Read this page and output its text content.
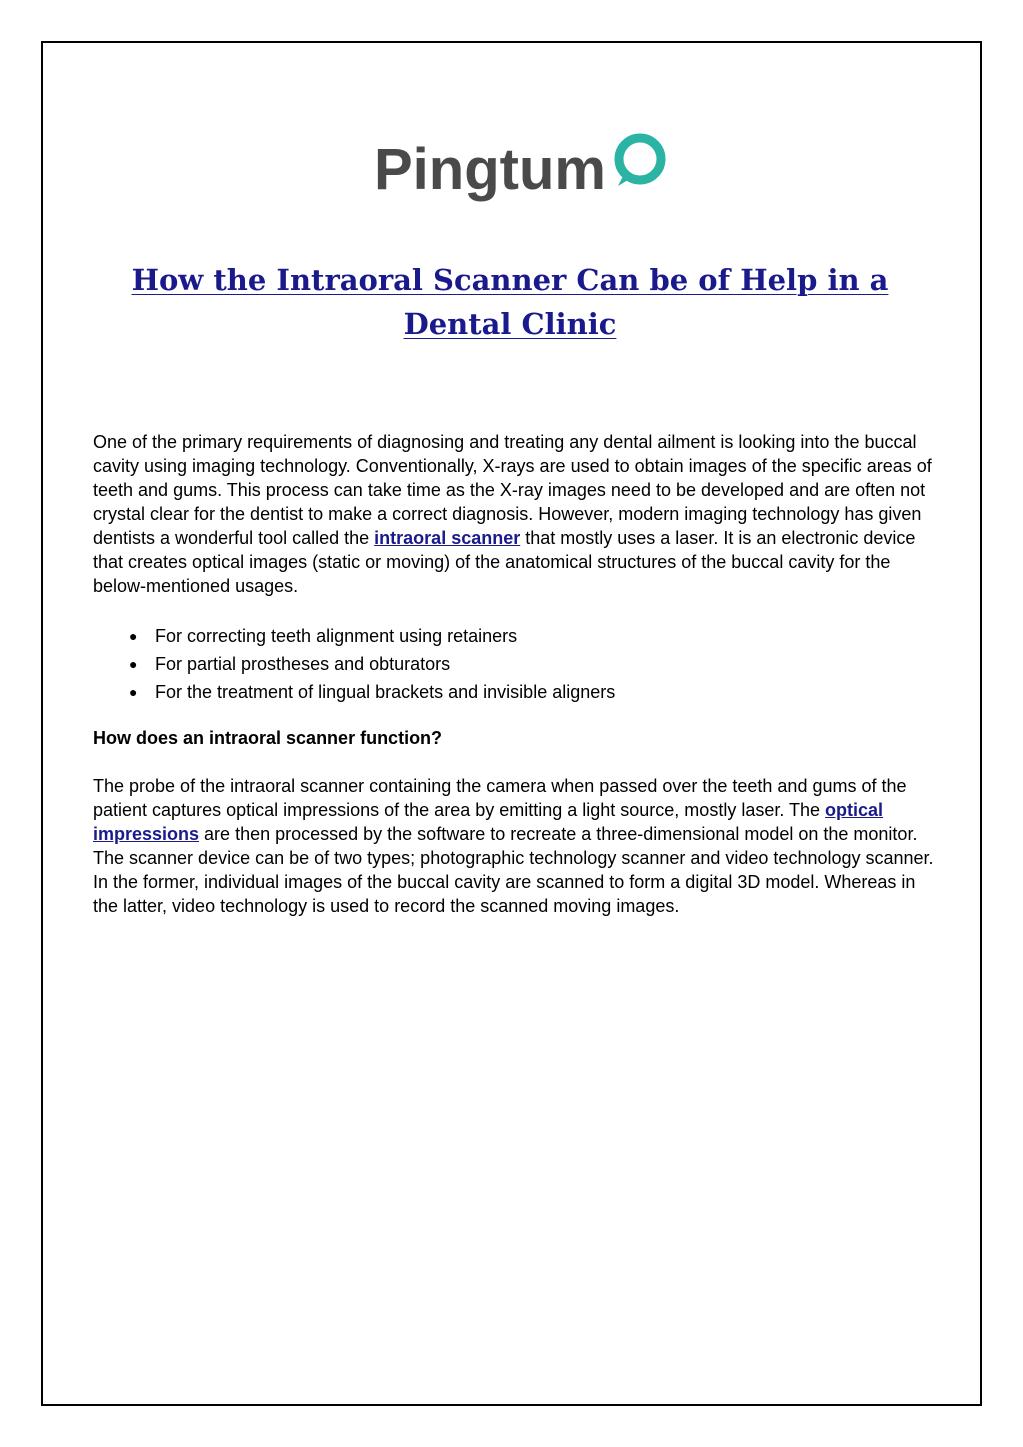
Pingtum
How the Intraoral Scanner Can be of Help in a
Dental Clinic

One of the primary requirements of diagnosing and treating any dental ailment is looking into the buccal cavity using imaging technology. Conventionally, X-rays are used to obtain images of the specific areas of teeth and gums. This process can take time as the X-ray images need to be developed and are often not crystal clear for the dentist to make a correct diagnosis. However, modern imaging technology has given dentists a wonderful tool called the intraoral scanner that mostly uses a laser. It is an electronic device that creates optical images (static or moving) of the anatomical structures of the buccal cavity for the below-mentioned usages.

● For correcting teeth alignment using retainers
● For partial prostheses and obturators
● For the treatment of lingual brackets and invisible aligners

How does an intraoral scanner function?

The probe of the intraoral scanner containing the camera when passed over the teeth and gums of the patient captures optical impressions of the area by emitting a light source, mostly laser. The optical impressions are then processed by the software to recreate a three-dimensional model on the monitor. The scanner device can be of two types; photographic technology scanner and video technology scanner. In the former, individual images of the buccal cavity are scanned to form a digital 3D model. Whereas in the latter, video technology is used to record the scanned moving images.
